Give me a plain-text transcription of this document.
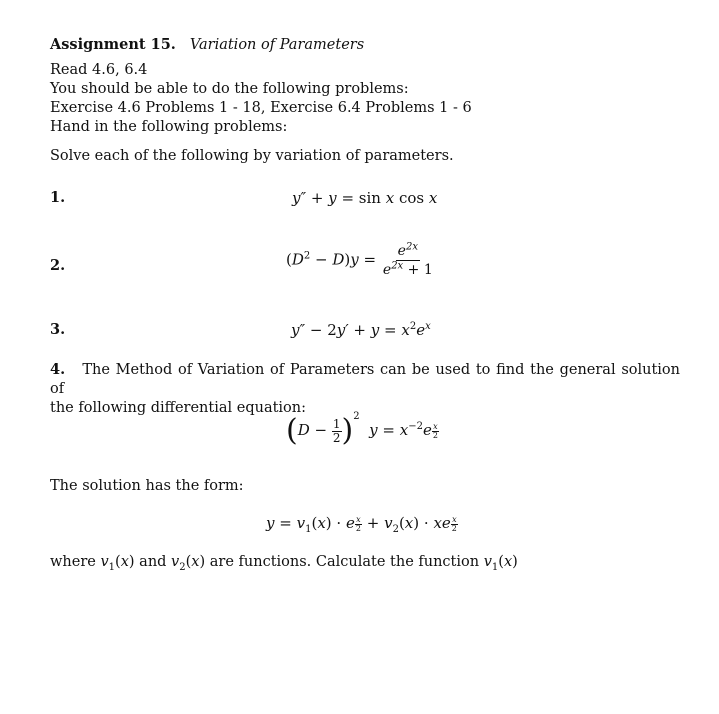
Assignment 15. Variation of Parameters
Read 4.6, 6.4
You should be able to do the following problems:
Exercise 4.6 Problems 1 - 18, Exercise 6.4 Problems 1 - 6
Hand in the following problems:
Solve each of the following by variation of parameters.
1.	y″ + y = sin x cos x
2.	$(D^2 - D)y = \frac{e^{2x}}{e^{2x} + 1}$
3.	$y'' - 2y' + y = x^2e^x$
4. The Method of Variation of Parameters can be used to find the general solution of
the following differential equation:
$(D - \frac{1}{2} )^2$  $y = x^{-2}e \frac{x}{2}$
The solution has the form:
$y = v_1(x) \cdot e \frac{x}{2} + v_2(x)$ · xe $\frac{x}{2}$
where $v_1(x)$ and $v_2(x)$ are functions. Calculate the function $v_1(x)$
